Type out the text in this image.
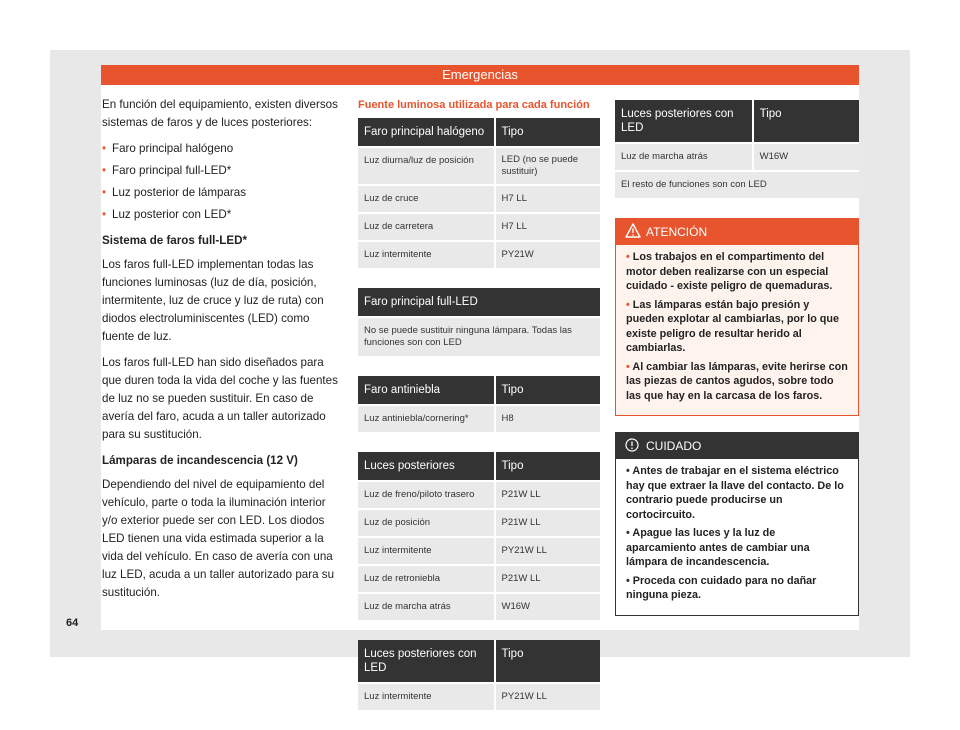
Emergencias

En función del equipamiento, existen diversos sistemas de faros y de luces posteriores:

• Faro principal halógeno
• Faro principal full-LED*
• Luz posterior de lámparas
• Luz posterior con LED*
Sistema de faros full-LED*

Los faros full-LED implementan todas las funciones luminosas (luz de día, posición, intermitente, luz de cruce y luz de ruta) con diodos electroluminiscentes (LED) como fuente de luz.

Los faros full-LED han sido diseñados para que duren toda la vida del coche y las fuentes de luz no se pueden sustituir. En caso de avería del faro, acuda a un taller autorizado para su sustitución.

Lámparas de incandescencia (12 V)

Dependiendo del nivel de equipamiento del vehículo, parte o toda la iluminación interior y/o exterior puede ser con LED. Los diodos LED tienen una vida estimada superior a la vida del vehículo. En caso de avería con una luz LED, acuda a un taller autorizado para su sustitución.

Fuente luminosa utilizada para cada función
Faro principal halógeno	Tipo
Luz diurna/luz de posición	LED (no se puede sustituir)
Luz de cruce	H7 LL
Luz de carretera	H7 LL
Luz intermitente	PY21W
Faro principal full-LED
No se puede sustituir ninguna lámpara. Todas las funciones son con LED
Faro antiniebla	Tipo
Luz antiniebla/cornering*	H8
Luces posteriores	Tipo
Luz de freno/piloto trasero	P21W LL
Luz de posición	P21W LL
Luz intermitente	PY21W LL
Luz de retroniebla	P21W LL
Luz de marcha atrás	W16W
Luces posteriores con LED	Tipo
Luz intermitente	PY21W LL
Luces posteriores con LED	Tipo
Luz de marcha atrás	W16W
El resto de funciones son con LED	
ATENCIÓN

• Los trabajos en el compartimento del motor deben realizarse con un especial cuidado - existe peligro de quemaduras.

• Las lámparas están bajo presión y pueden explotar al cambiarlas, por lo que existe peligro de resultar herido al cambiarlas.

• Al cambiar las lámparas, evite herirse con las piezas de cantos agudos, sobre todo las que hay en la carcasa de los faros.

CUIDADO

• Antes de trabajar en el sistema eléctrico hay que extraer la llave del contacto. De lo contrario puede producirse un cortocircuito.

• Apague las luces y la luz de aparcamiento antes de cambiar una lámpara de incandescencia.

• Proceda con cuidado para no dañar ninguna pieza.

64
